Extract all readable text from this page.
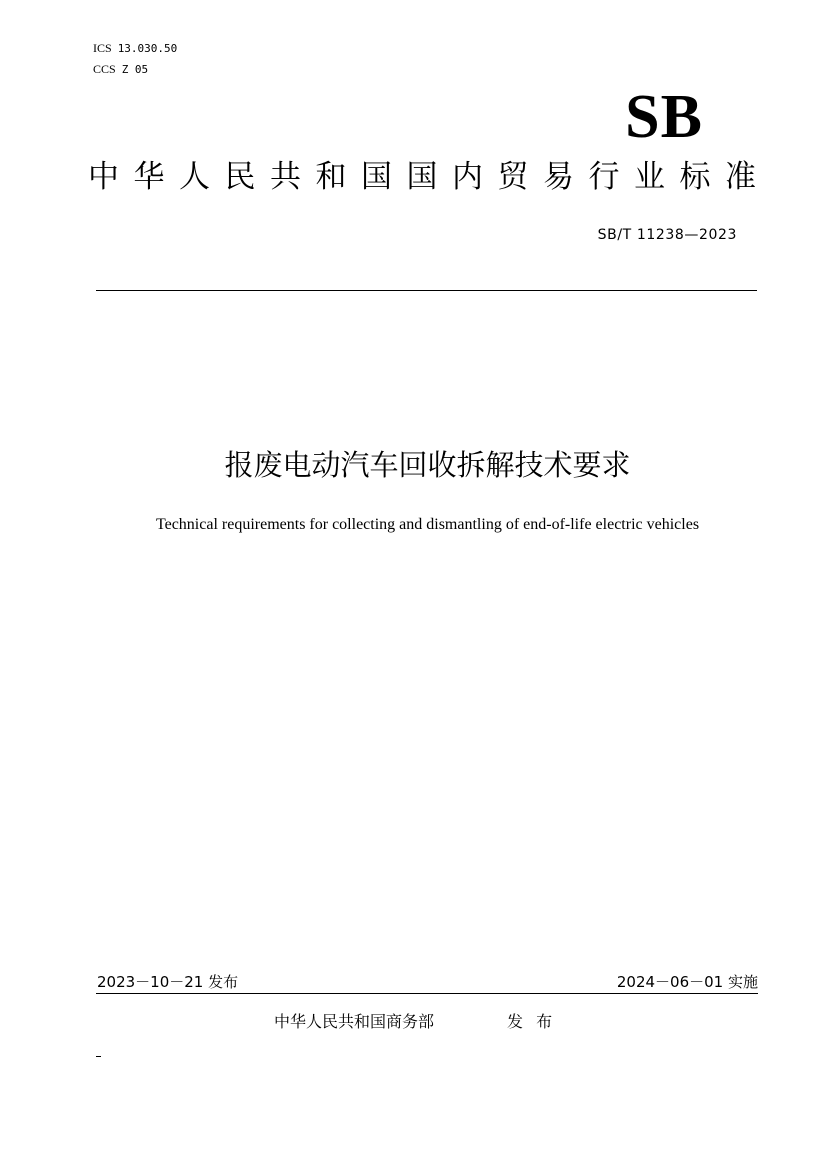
ICS 13.030.50
CCS Z 05
SB
中 华 人 民 共 和 国 国 内 贸 易 行 业 标 准
SB/T 11238—2023
报废电动汽车回收拆解技术要求
Technical requirements for collecting and dismantling of end-of-life electric vehicles
2023－10－21 发布	2024－06－01 实施
中华人民共和国商务部	发 布
